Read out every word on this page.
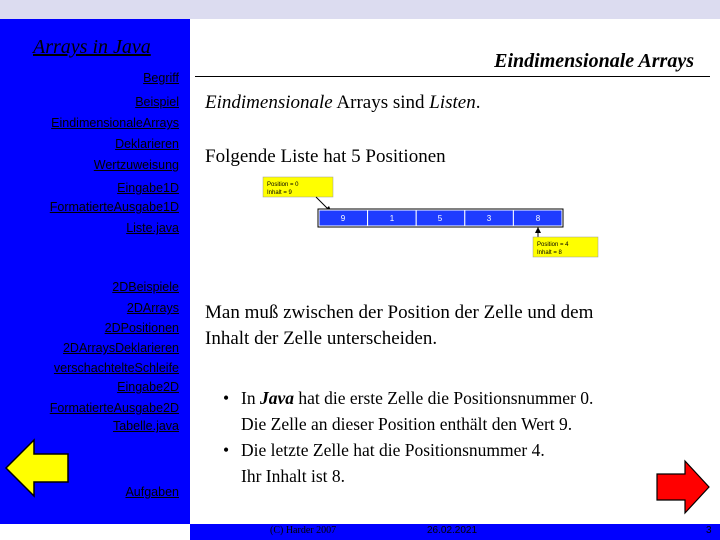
Arrays in Java
Begriff
Beispiel
EindimensionaleArrays
Deklarieren
Wertzuweisung
Eingabe1D
FormatierteAusgabe1D
Liste.java
2DBeispiele
2DArrays
2DPositionen
2DArraysDeklarieren
verschachtelteSchleife
Eingabe2D
FormatierteAusgabe2D
Tabelle.java
Aufgaben
Eindimensionale Arrays
Eindimensionale Arrays sind Listen.
Folgende Liste hat 5 Positionen
Position = 0
Inhalt = 9
9	1	5	3	8
Position = 4
Inhalt = 8
Man muß zwischen der Position der Zelle und dem
Inhalt der Zelle unterscheiden.
• In Java hat die erste Zelle die Positionsnummer 0.
Die Zelle an dieser Position enthält den Wert 9.
• Die letzte Zelle hat die Positionsnummer 4.
Ihr Inhalt ist 8.
(C) Harder 2007	26.02.2021	3
